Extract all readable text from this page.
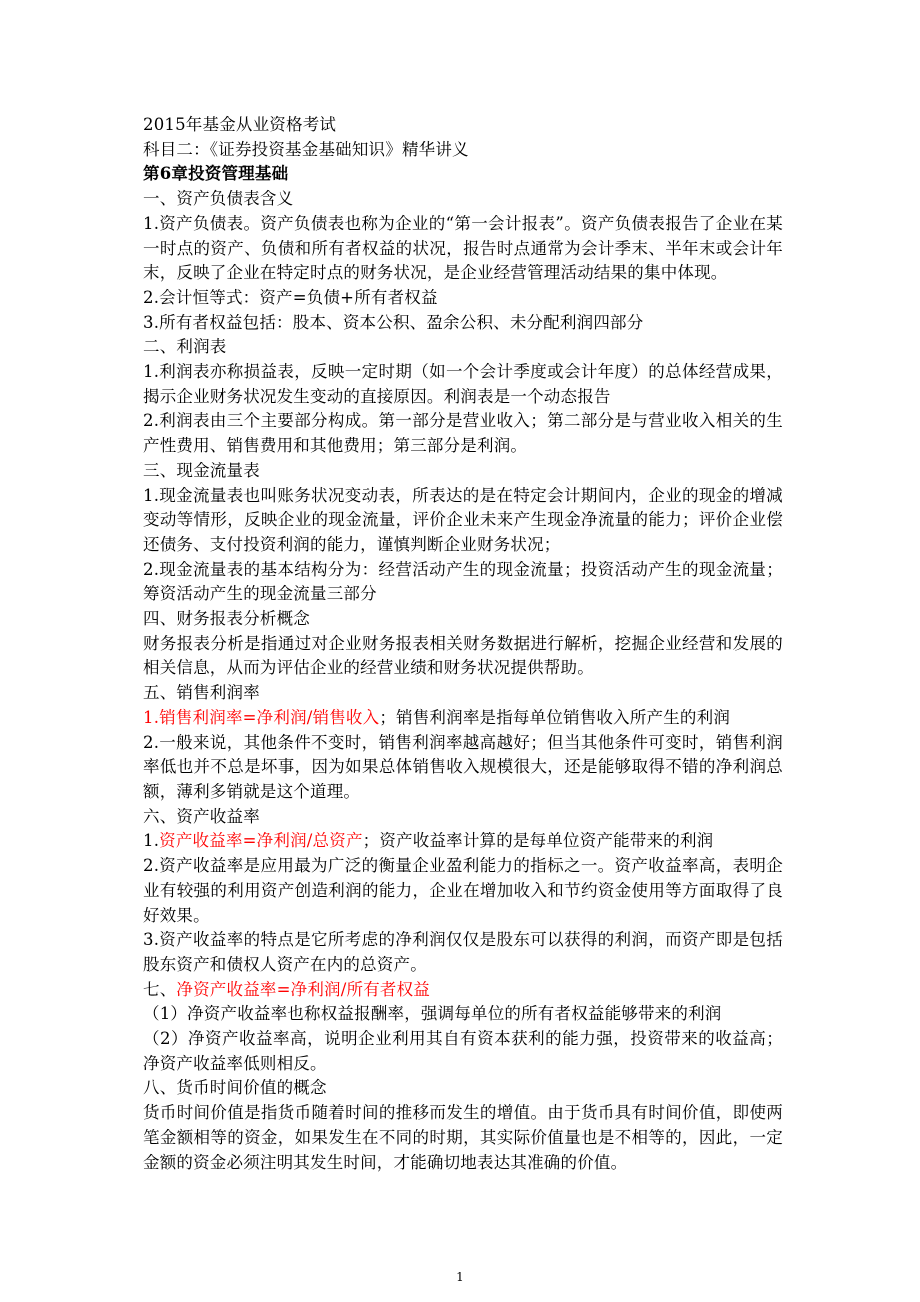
2015年基金从业资格考试

科目二：《证券投资基金基础知识》精华讲义

第6章投资管理基础

一、资产负债表含义

1.资产负债表。资产负债表也称为企业的“第一会计报表”。资产负债表报告了企业在某一时点的资产、负债和所有者权益的状况，报告时点通常为会计季末、半年末或会计年末，反映了企业在特定时点的财务状况，是企业经营管理活动结果的集中体现。

2.会计恒等式：资产=负债+所有者权益

3.所有者权益包括：股本、资本公积、盈余公积、未分配利润四部分

二、利润表

1.利润表亦称损益表，反映一定时期（如一个会计季度或会计年度）的总体经营成果，揭示企业财务状况发生变动的直接原因。利润表是一个动态报告

2.利润表由三个主要部分构成。第一部分是营业收入；第二部分是与营业收入相关的生产性费用、销售费用和其他费用；第三部分是利润。

三、现金流量表

1.现金流量表也叫账务状况变动表，所表达的是在特定会计期间内，企业的现金的增减变动等情形，反映企业的现金流量，评价企业未来产生现金净流量的能力；评价企业偿还债务、支付投资利润的能力，谨慎判断企业财务状况；

2.现金流量表的基本结构分为：经营活动产生的现金流量；投资活动产生的现金流量；筹资活动产生的现金流量三部分

四、财务报表分析概念

财务报表分析是指通过对企业财务报表相关财务数据进行解析，挖掘企业经营和发展的相关信息，从而为评估企业的经营业绩和财务状况提供帮助。

五、销售利润率

1.销售利润率=净利润/销售收入；销售利润率是指每单位销售收入所产生的利润

2.一般来说，其他条件不变时，销售利润率越高越好；但当其他条件可变时，销售利润率低也并不总是坏事，因为如果总体销售收入规模很大，还是能够取得不错的净利润总额，薄利多销就是这个道理。

六、资产收益率

1.资产收益率=净利润/总资产；资产收益率计算的是每单位资产能带来的利润

2.资产收益率是应用最为广泛的衡量企业盈利能力的指标之一。资产收益率高，表明企业有较强的利用资产创造利润的能力，企业在增加收入和节约资金使用等方面取得了良好效果。

3.资产收益率的特点是它所考虑的净利润仅仅是股东可以获得的利润，而资产即是包括股东资产和债权人资产在内的总资产。

七、净资产收益率=净利润/所有者权益

（1）净资产收益率也称权益报酬率，强调每单位的所有者权益能够带来的利润

（2）净资产收益率高，说明企业利用其自有资本获利的能力强，投资带来的收益高；净资产收益率低则相反。

八、货币时间价值的概念

货币时间价值是指货币随着时间的推移而发生的增值。由于货币具有时间价值，即使两笔金额相等的资金，如果发生在不同的时期，其实际价值量也是不相等的，因此，一定金额的资金必须注明其发生时间，才能确切地表达其准确的价值。

1
